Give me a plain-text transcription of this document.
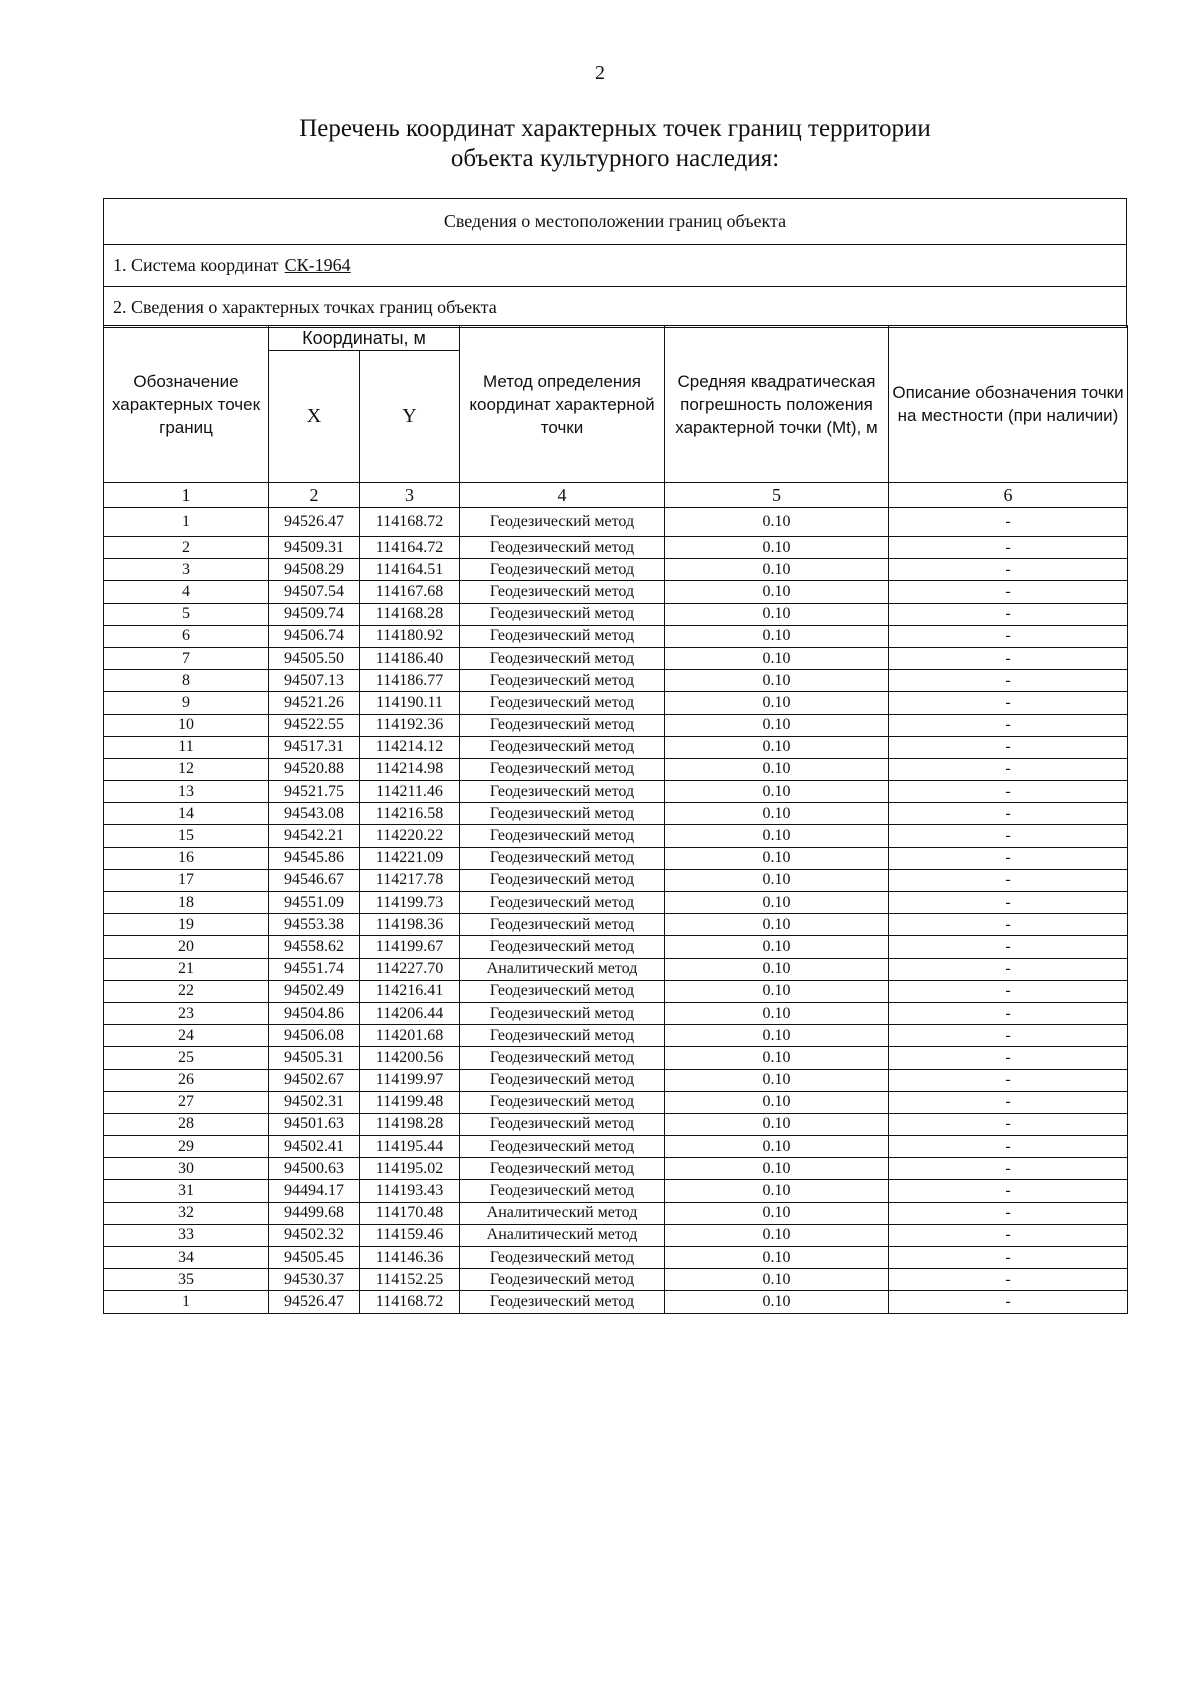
2
Перечень координат характерных точек границ территории
объекта культурного наследия:
Сведения о местоположении границ объекта
1. Система координат СК-1964
2. Сведения о характерных точках границ объекта
Обозначение характерных точек границ	Координаты, м		Метод определения координат характерной точки	Средняя квадратическая погрешность положения характерной точки (Mt), м	Описание обозначения точки на местности (при наличии)
	X	Y			
1	2	3	4	5	6
1	94526.47	114168.72	Геодезический метод	0.10	-
2	94509.31	114164.72	Геодезический метод	0.10	-
3	94508.29	114164.51	Геодезический метод	0.10	-
4	94507.54	114167.68	Геодезический метод	0.10	-
5	94509.74	114168.28	Геодезический метод	0.10	-
6	94506.74	114180.92	Геодезический метод	0.10	-
7	94505.50	114186.40	Геодезический метод	0.10	-
8	94507.13	114186.77	Геодезический метод	0.10	-
9	94521.26	114190.11	Геодезический метод	0.10	-
10	94522.55	114192.36	Геодезический метод	0.10	-
11	94517.31	114214.12	Геодезический метод	0.10	-
12	94520.88	114214.98	Геодезический метод	0.10	-
13	94521.75	114211.46	Геодезический метод	0.10	-
14	94543.08	114216.58	Геодезический метод	0.10	-
15	94542.21	114220.22	Геодезический метод	0.10	-
16	94545.86	114221.09	Геодезический метод	0.10	-
17	94546.67	114217.78	Геодезический метод	0.10	-
18	94551.09	114199.73	Геодезический метод	0.10	-
19	94553.38	114198.36	Геодезический метод	0.10	-
20	94558.62	114199.67	Геодезический метод	0.10	-
21	94551.74	114227.70	Аналитический метод	0.10	-
22	94502.49	114216.41	Геодезический метод	0.10	-
23	94504.86	114206.44	Геодезический метод	0.10	-
24	94506.08	114201.68	Геодезический метод	0.10	-
25	94505.31	114200.56	Геодезический метод	0.10	-
26	94502.67	114199.97	Геодезический метод	0.10	-
27	94502.31	114199.48	Геодезический метод	0.10	-
28	94501.63	114198.28	Геодезический метод	0.10	-
29	94502.41	114195.44	Геодезический метод	0.10	-
30	94500.63	114195.02	Геодезический метод	0.10	-
31	94494.17	114193.43	Геодезический метод	0.10	-
32	94499.68	114170.48	Аналитический метод	0.10	-
33	94502.32	114159.46	Аналитический метод	0.10	-
34	94505.45	114146.36	Геодезический метод	0.10	-
35	94530.37	114152.25	Геодезический метод	0.10	-
1	94526.47	114168.72	Геодезический метод	0.10	-
